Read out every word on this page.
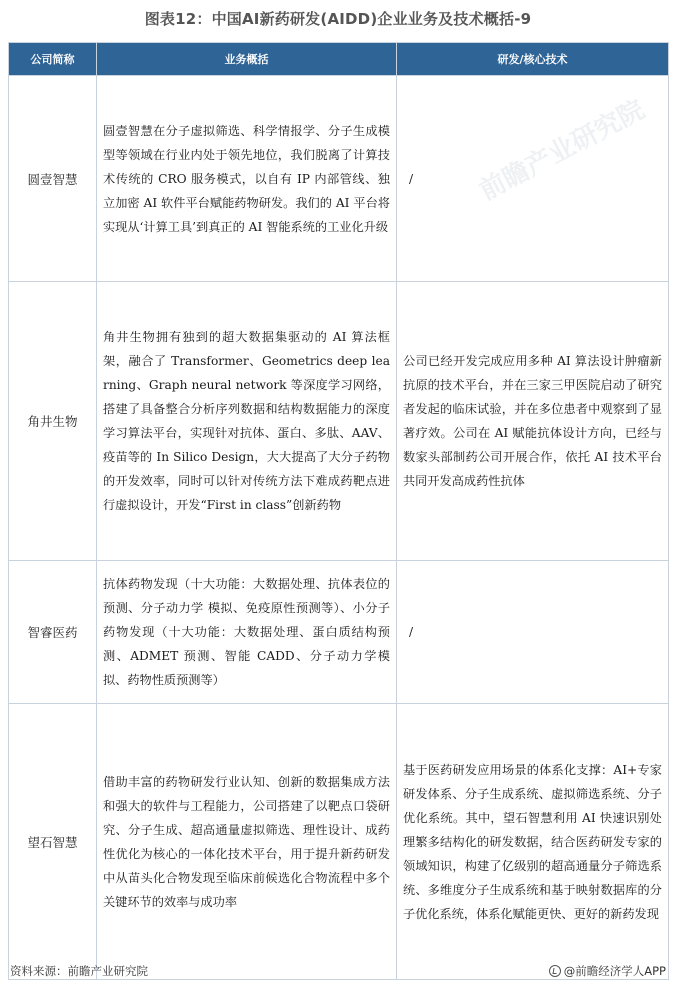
图表12：中国AI新药研发(AIDD)企业业务及技术概括-9
公司简称	业务概括	研发/核心技术
圆壹智慧	圆壹智慧在分子虚拟筛选、科学情报学、分子生成模型等领域在行业内处于领先地位，我们脱离了计算技术传统的 CRO 服务模式，以自有 IP 内部管线、独立加密 AI 软件平台赋能药物研发。我们的 AI 平台将实现从‘计算工具’到真正的 AI 智能系统的工业化升级	/
角井生物	角井生物拥有独到的超大数据集驱动的 AI 算法框架，融合了 Transformer、Geometrics deep learning、Graph neural network 等深度学习网络，搭建了具备整合分析序列数据和结构数据能力的深度学习算法平台，实现针对抗体、蛋白、多肽、AAV、疫苗等的 In Silico Design，大大提高了大分子药物的开发效率，同时可以针对传统方法下难成药靶点进行虚拟设计，开发“First in class”创新药物	公司已经开发完成应用多种 AI 算法设计肿瘤新抗原的技术平台，并在三家三甲医院启动了研究者发起的临床试验，并在多位患者中观察到了显著疗效。公司在 AI 赋能抗体设计方向，已经与数家头部制药公司开展合作，依托 AI 技术平台共同开发高成药性抗体
智睿医药	抗体药物发现（十大功能：大数据处理、抗体表位的预测、分子动力学 模拟、免疫原性预测等）、小分子药物发现（十大功能：大数据处理、蛋白质结构预测、ADMET 预测、智能 CADD、分子动力学模拟、药物性质预测等）	/
望石智慧	借助丰富的药物研发行业认知、创新的数据集成方法和强大的软件与工程能力，公司搭建了以靶点口袋研究、分子生成、超高通量虚拟筛选、理性设计、成药性优化为核心的一体化技术平台，用于提升新药研发中从苗头化合物发现至临床前候选化合物流程中多个关键环节的效率与成功率	基于医药研发应用场景的体系化支撑：AI+专家研发体系、分子生成系统、虚拟筛选系统、分子优化系统。其中，望石智慧利用 AI 快速识别处理繁多结构化的研发数据，结合医药研发专家的领域知识，构建了亿级别的超高通量分子筛选系统、多维度分子生成系统和基于映射数据库的分子优化系统，体系化赋能更快、更好的新药发现
前瞻产业研究院
资料来源：前瞻产业研究院	@前瞻经济学人APP
